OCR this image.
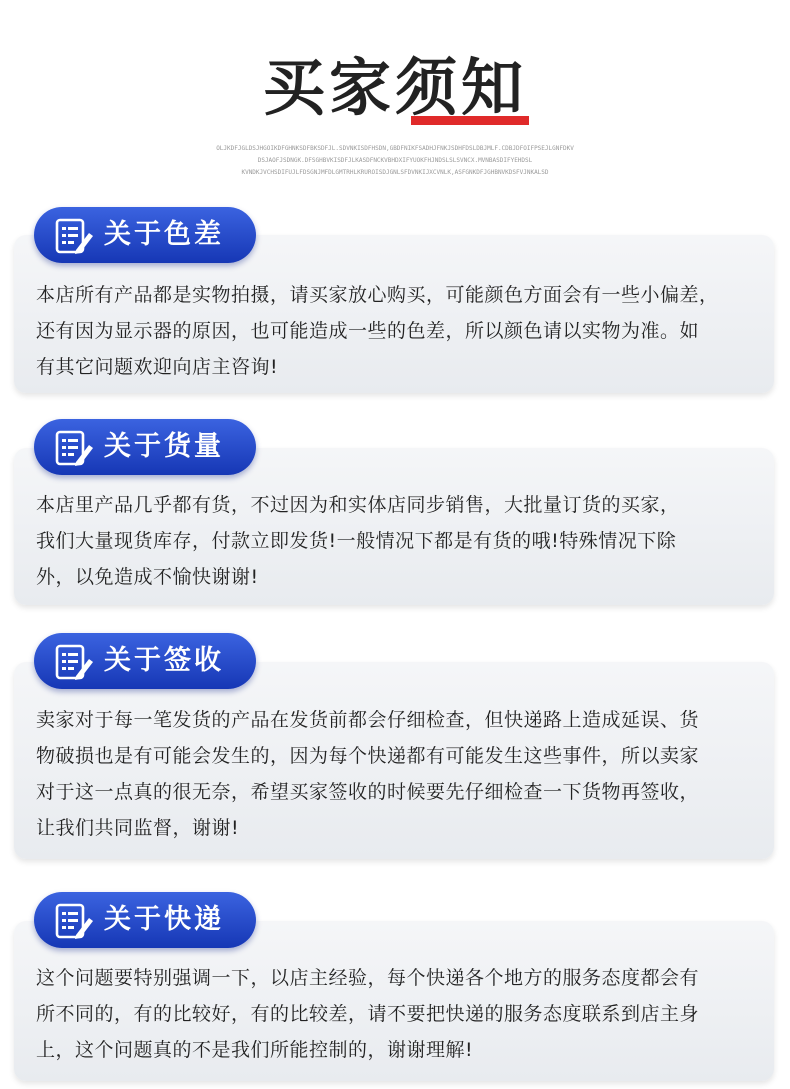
买家须知
OLJKDFJGLDSJHGOIKDFGHNKSDFBKSDFJL.SDVNKISDFHSDN,GBDFNIKFSADHJFNKJSDHFDSLDBJMLF.CDBJDFOIFPSEJLGNFDKV
DSJAOFJSDNGK.DFSGHBVKISDFJLKASDFNCKVBHDXIFYUOKFHJNDSLSLSVNCX.MVNBASDIFYEHDSL
KVNDKJVCHSDIFUJLFDSGNJMFDLGMTRHLKRUROISDJGNLSFDVNKIJXCVNLK,ASFGNKDFJGHBNVKDSFVJNKALSD

本店所有产品都是实物拍摄，请买家放心购买，可能颜色方面会有一些小偏差，

还有因为显示器的原因，也可能造成一些的色差，所以颜色请以实物为准。如

有其它问题欢迎向店主咨询!

关于色差

本店里产品几乎都有货，不过因为和实体店同步销售，大批量订货的买家，

我们大量现货库存，付款立即发货!一般情况下都是有货的哦!特殊情况下除

外，以免造成不愉快谢谢!

关于货量

卖家对于每一笔发货的产品在发货前都会仔细检查，但快递路上造成延误、货

物破损也是有可能会发生的，因为每个快递都有可能发生这些事件，所以卖家

对于这一点真的很无奈，希望买家签收的时候要先仔细检查一下货物再签收，

让我们共同监督，谢谢!

关于签收

这个问题要特别强调一下，以店主经验，每个快递各个地方的服务态度都会有

所不同的，有的比较好，有的比较差，请不要把快递的服务态度联系到店主身

上，这个问题真的不是我们所能控制的，谢谢理解!

关于快递
